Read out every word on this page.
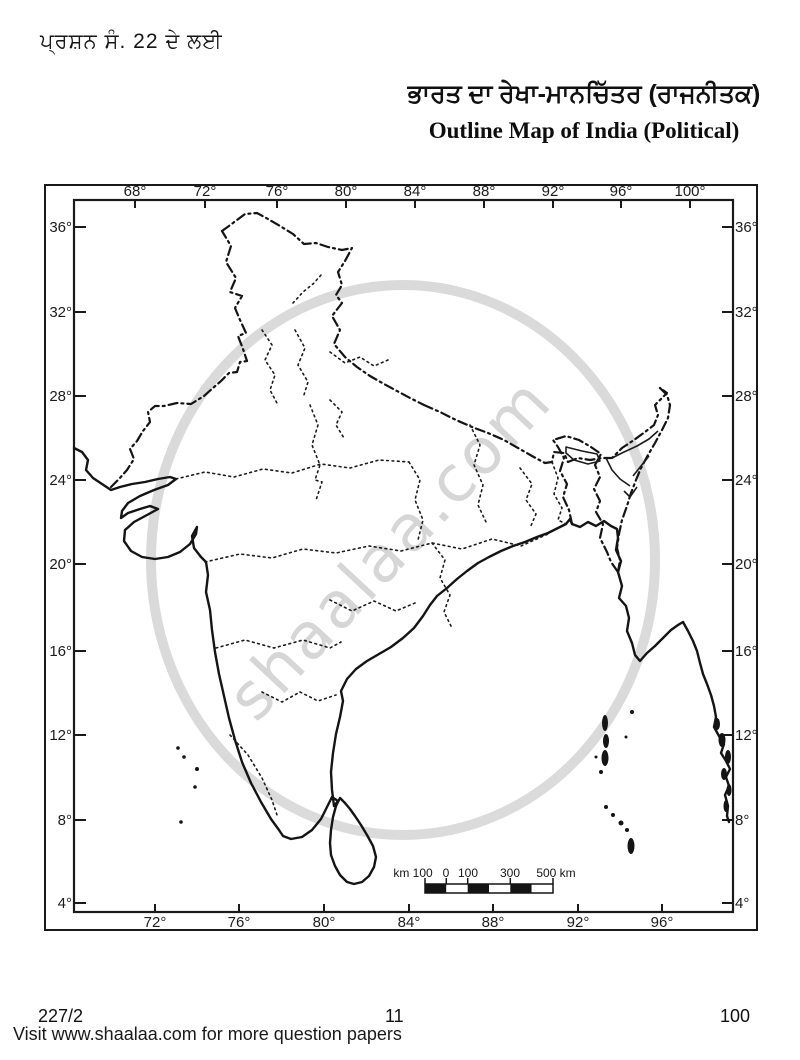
ਪ੍ਰਸ਼ਨ ਸੰ. 22 ਦੇ ਲਈ
ਭਾਰਤ ਦਾ ਰੇਖਾ-ਮਾਨਚਿੱਤਰ (ਰਾਜਨੀਤਕ)
Outline Map of India (Political)
shaalaa.com
68°	72°	76°	80°	84°	88°	92°	96°	100°
72°	76°	80°	84°	88°	92°	96°
36°
32°
28°
24°
20°
16°
12°
8°
4°
36°
32°
28°
24°
20°
16°
12°
8°
4°
km 100 0 100 300 500 km
227/2	11	100
Visit www.shaalaa.com for more question papers
